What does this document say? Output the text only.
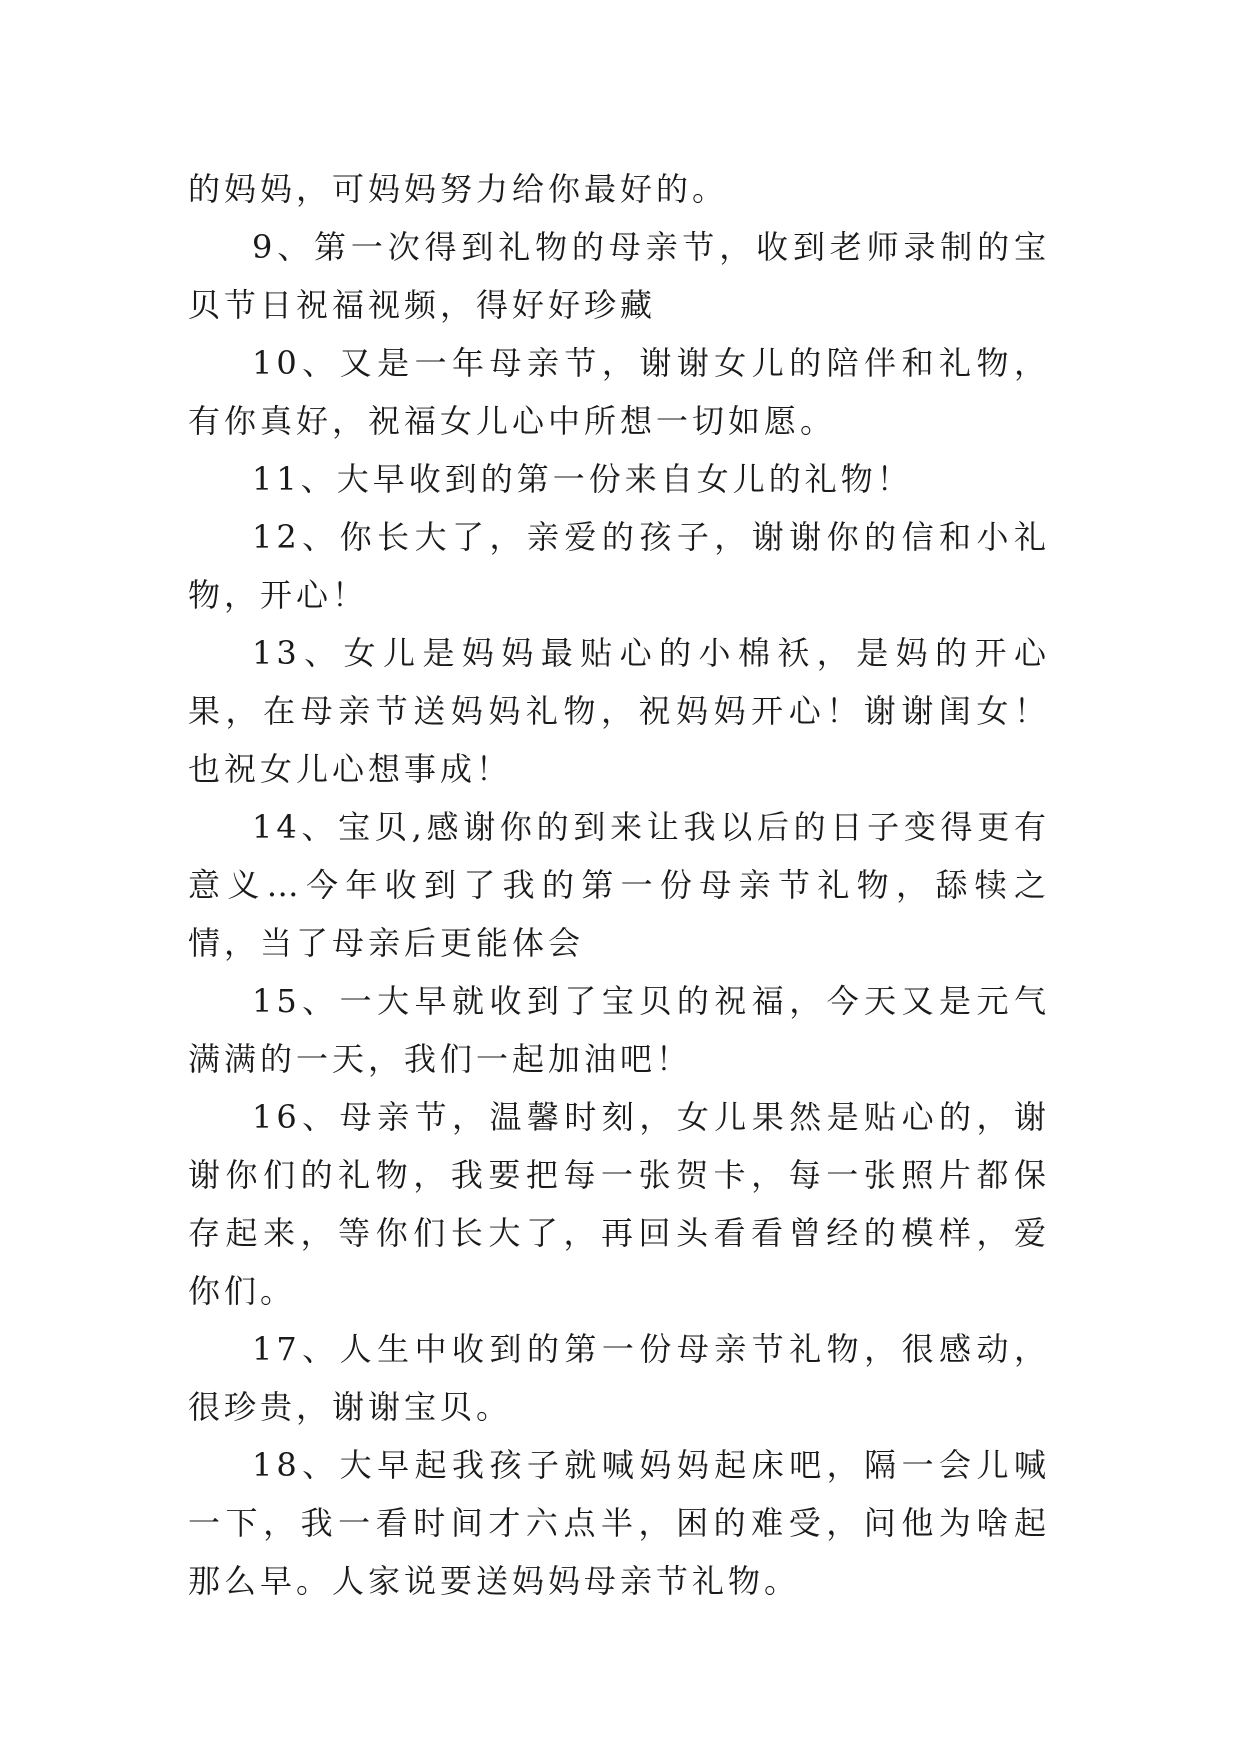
的妈妈，可妈妈努力给你最好的。

9、第一次得到礼物的母亲节，收到老师录制的宝贝节日祝福视频，得好好珍藏

10、又是一年母亲节，谢谢女儿的陪伴和礼物，有你真好，祝福女儿心中所想一切如愿。

11、大早收到的第一份来自女儿的礼物！

12、你长大了，亲爱的孩子，谢谢你的信和小礼物，开心！

13、女儿是妈妈最贴心的小棉袄，是妈的开心果，在母亲节送妈妈礼物，祝妈妈开心！谢谢闺女！也祝女儿心想事成！

14、宝贝,感谢你的到来让我以后的日子变得更有意义…今年收到了我的第一份母亲节礼物，舔犊之情，当了母亲后更能体会

15、一大早就收到了宝贝的祝福，今天又是元气满满的一天，我们一起加油吧！

16、母亲节，温馨时刻，女儿果然是贴心的，谢谢你们的礼物，我要把每一张贺卡，每一张照片都保存起来，等你们长大了，再回头看看曾经的模样，爱你们。

17、人生中收到的第一份母亲节礼物，很感动，很珍贵，谢谢宝贝。

18、大早起我孩子就喊妈妈起床吧，隔一会儿喊一下，我一看时间才六点半，困的难受，问他为啥起那么早。人家说要送妈妈母亲节礼物。
